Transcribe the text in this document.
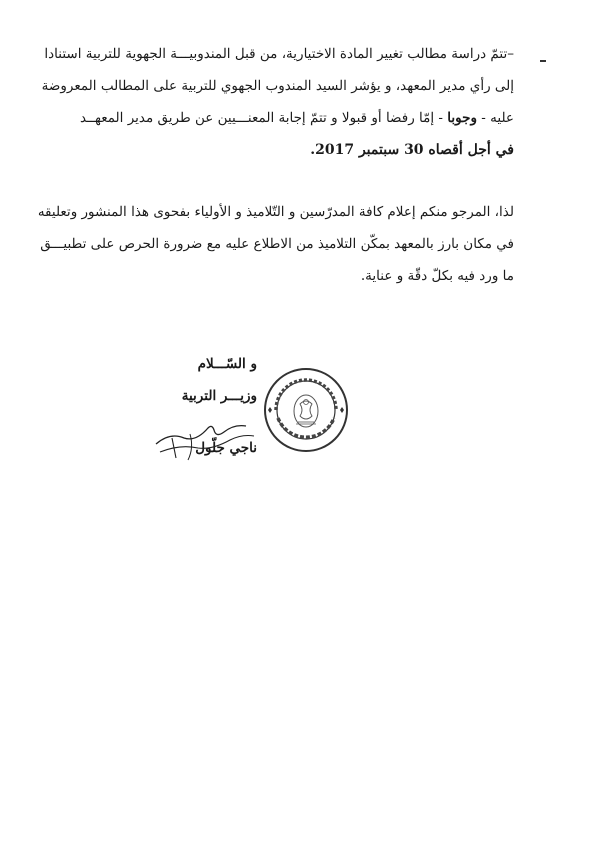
–تتمّ دراسة مطالب تغيير المادة الاختيارية، من قبل المندوبيـــة الجهوية للتربية استنادا
إلى رأي مدير المعهد، و يؤشر السيد المندوب الجهوي للتربية على المطالب المعروضة
عليه - وجوبا - إمّا رفضا أو قبولا و تتمّ إجابة المعنـــيين عن طريق مدير المعهــد
في أجل أقصاه 30 سبتمبر 2017.
لذا، المرجو منكم إعلام كافة المدرّسين و التّلاميذ و الأولياء بفحوى هذا المنشور وتعليقه
في مكان بارز بالمعهد بمكّن التلاميذ من الاطلاع عليه مع ضرورة الحرص على تطبيـــق
ما ورد فيه بكلّ دقّة و عناية.
و السّـــلام
وزيـــر التربية
ناجي جلّول
